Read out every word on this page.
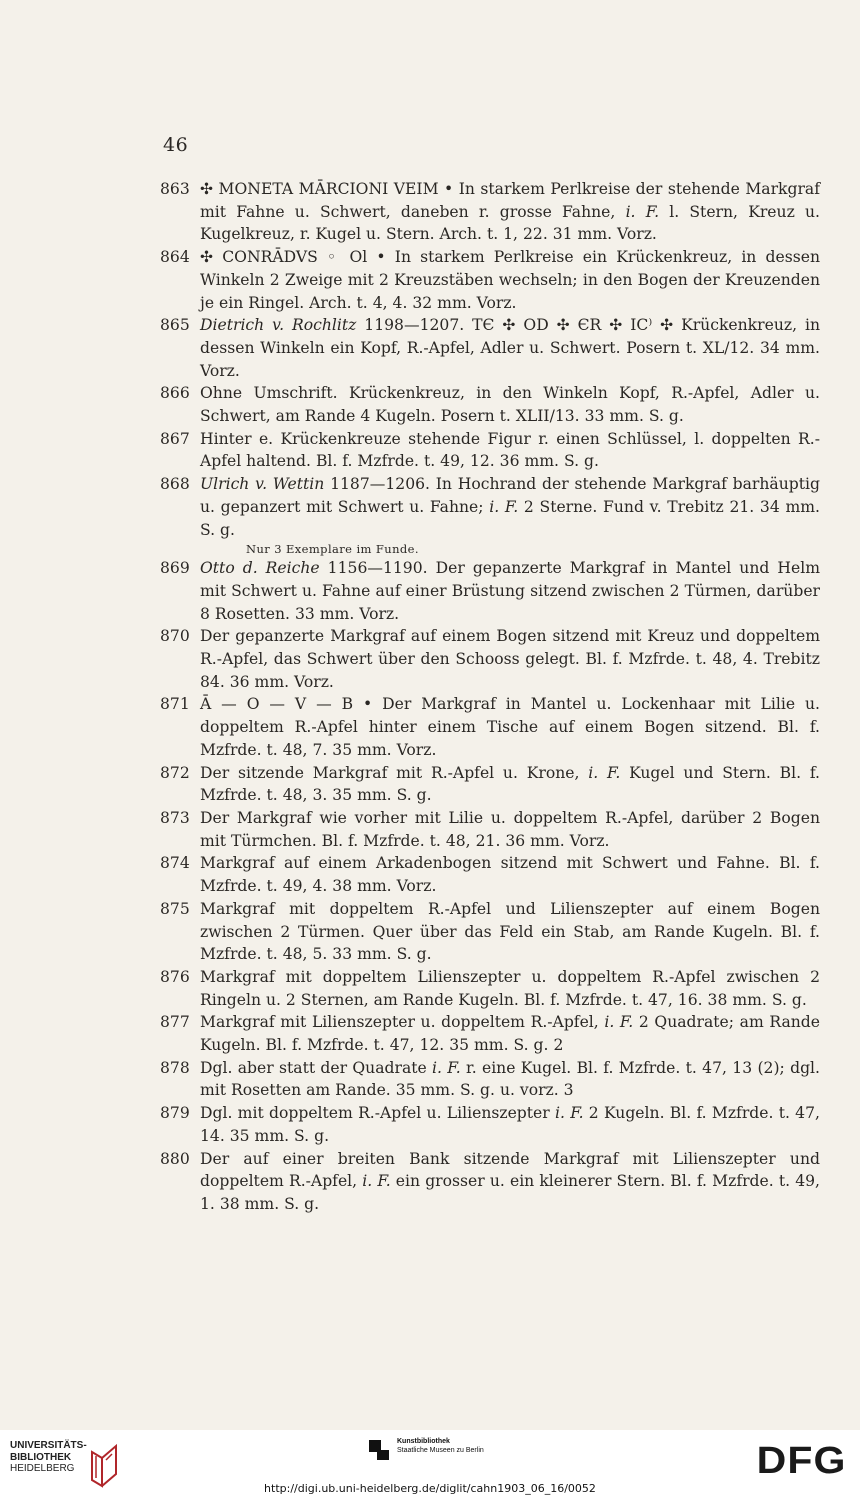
46
863 ✣ MONETA MĀRCIONI VEIM • In starkem Perlkreise der stehende Markgraf mit Fahne u. Schwert, daneben r. grosse Fahne, i. F. l. Stern, Kreuz u. Kugelkreuz, r. Kugel u. Stern. Arch. t. 1, 22. 31 mm. Vorz.
864 ✣ CONRĀDVS ◦ Ol • In starkem Perlkreise ein Krückenkreuz, in dessen Winkeln 2 Zweige mit 2 Kreuzstäben wechseln; in den Bogen der Kreuzenden je ein Ringel. Arch. t. 4, 4. 32 mm. Vorz.
865 Dietrich v. Rochlitz 1198—1207. TЄ ✣ OD ✣ ЄR ✣ IC⁾ ✣ Krückenkreuz, in dessen Winkeln ein Kopf, R.-Apfel, Adler u. Schwert. Posern t. XL/12. 34 mm. Vorz.
866 Ohne Umschrift. Krückenkreuz, in den Winkeln Kopf, R.-Apfel, Adler u. Schwert, am Rande 4 Kugeln. Posern t. XLII/13. 33 mm. S. g.
867 Hinter e. Krückenkreuze stehende Figur r. einen Schlüssel, l. doppelten R.-Apfel haltend. Bl. f. Mzfrde. t. 49, 12. 36 mm. S. g.
868 Ulrich v. Wettin 1187—1206. In Hochrand der stehende Markgraf barhäuptig u. gepanzert mit Schwert u. Fahne; i. F. 2 Sterne. Fund v. Trebitz 21. 34 mm. S. g.
Nur 3 Exemplare im Funde.
869 Otto d. Reiche 1156—1190. Der gepanzerte Markgraf in Mantel und Helm mit Schwert u. Fahne auf einer Brüstung sitzend zwischen 2 Türmen, darüber 8 Rosetten. 33 mm. Vorz.
870 Der gepanzerte Markgraf auf einem Bogen sitzend mit Kreuz und doppeltem R.-Apfel, das Schwert über den Schooss gelegt. Bl. f. Mzfrde. t. 48, 4. Trebitz 84. 36 mm. Vorz.
871 Ā — O — V — B • Der Markgraf in Mantel u. Lockenhaar mit Lilie u. doppeltem R.-Apfel hinter einem Tische auf einem Bogen sitzend. Bl. f. Mzfrde. t. 48, 7. 35 mm. Vorz.
872 Der sitzende Markgraf mit R.-Apfel u. Krone, i. F. Kugel und Stern. Bl. f. Mzfrde. t. 48, 3. 35 mm. S. g.
873 Der Markgraf wie vorher mit Lilie u. doppeltem R.-Apfel, darüber 2 Bogen mit Türmchen. Bl. f. Mzfrde. t. 48, 21. 36 mm. Vorz.
874 Markgraf auf einem Arkadenbogen sitzend mit Schwert und Fahne. Bl. f. Mzfrde. t. 49, 4. 38 mm. Vorz.
875 Markgraf mit doppeltem R.-Apfel und Lilienszepter auf einem Bogen zwischen 2 Türmen. Quer über das Feld ein Stab, am Rande Kugeln. Bl. f. Mzfrde. t. 48, 5. 33 mm. S. g.
876 Markgraf mit doppeltem Lilienszepter u. doppeltem R.-Apfel zwischen 2 Ringeln u. 2 Sternen, am Rande Kugeln. Bl. f. Mzfrde. t. 47, 16. 38 mm. S. g.
877 Markgraf mit Lilienszepter u. doppeltem R.-Apfel, i. F. 2 Quadrate; am Rande Kugeln. Bl. f. Mzfrde. t. 47, 12. 35 mm. S. g. 2
878 Dgl. aber statt der Quadrate i. F. r. eine Kugel. Bl. f. Mzfrde. t. 47, 13 (2); dgl. mit Rosetten am Rande. 35 mm. S. g. u. vorz. 3
879 Dgl. mit doppeltem R.-Apfel u. Lilienszepter i. F. 2 Kugeln. Bl. f. Mzfrde. t. 47, 14. 35 mm. S. g.
880 Der auf einer breiten Bank sitzende Markgraf mit Lilienszepter und doppeltem R.-Apfel, i. F. ein grosser u. ein kleinerer Stern. Bl. f. Mzfrde. t. 49, 1. 38 mm. S. g.
UNIVERSITÄTS-
BIBLIOTHEK
HEIDELBERG
Kunstbibliothek
Staatliche Museen zu Berlin	DFG
http://digi.ub.uni-heidelberg.de/diglit/cahn1903_06_16/0052
